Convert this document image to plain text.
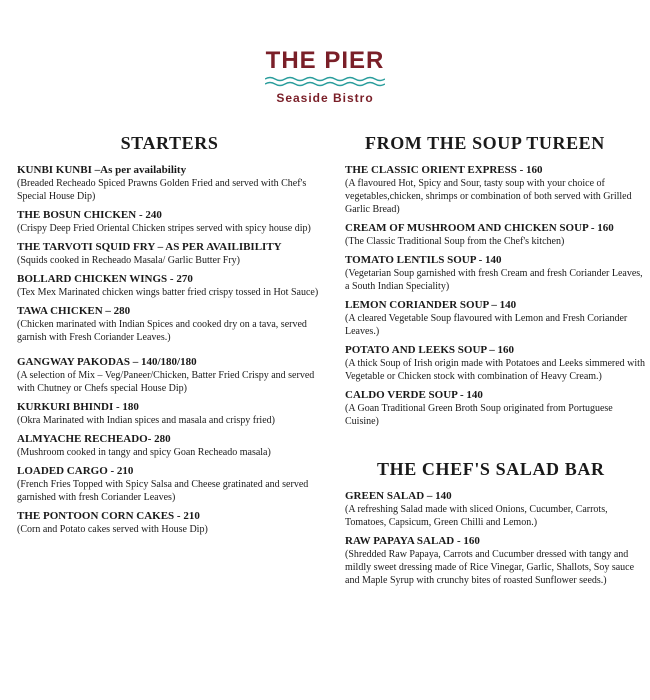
THE PIER
Seaside Bistro
STARTERS
KUNBI KUNBI –As per availability
(Breaded Recheado Spiced Prawns Golden Fried and served with Chef's Special House Dip)
THE BOSUN CHICKEN - 240
(Crispy Deep Fried Oriental Chicken stripes served with spicy house dip)
THE TARVOTI SQUID FRY – AS PER AVAILIBILITY
(Squids cooked in Recheado Masala/ Garlic Butter Fry)
BOLLARD CHICKEN WINGS - 270
(Tex Mex Marinated chicken wings batter fried crispy tossed in Hot Sauce)
TAWA CHICKEN – 280
(Chicken marinated with Indian Spices and cooked dry on a tava, served garnish with Fresh Coriander Leaves.)
GANGWAY PAKODAS – 140/180/180
(A selection of Mix – Veg/Paneer/Chicken, Batter Fried Crispy and served with Chutney or Chefs special House Dip)
KURKURI BHINDI - 180
(Okra Marinated with Indian spices and masala and crispy fried)
ALMYACHE RECHEADO- 280
(Mushroom cooked in tangy and spicy Goan Recheado masala)
LOADED CARGO - 210
(French Fries Topped with Spicy Salsa and Cheese gratinated and served garnished with fresh Coriander Leaves)
THE PONTOON CORN CAKES - 210
(Corn and Potato cakes served with House Dip)
FROM THE SOUP TUREEN
THE CLASSIC ORIENT EXPRESS - 160
(A flavoured Hot, Spicy and Sour, tasty soup with your choice of vegetables,chicken, shrimps or combination of both served with Grilled Garlic Bread)
CREAM OF MUSHROOM AND CHICKEN SOUP - 160
(The Classic Traditional Soup from the Chef's kitchen)
TOMATO LENTILS SOUP - 140
(Vegetarian Soup garnished with fresh Cream and fresh Coriander Leaves, a South Indian Speciality)
LEMON CORIANDER SOUP – 140
(A cleared Vegetable Soup flavoured with Lemon and Fresh Coriander Leaves.)
POTATO AND LEEKS SOUP – 160
(A thick Soup of Irish origin made with Potatoes and Leeks simmered with Vegetable or Chicken stock with combination of Heavy Cream.)
CALDO VERDE SOUP - 140
(A Goan Traditional Green Broth Soup originated from Portuguese Cuisine)
THE CHEF'S SALAD BAR
GREEN SALAD – 140
(A refreshing Salad made with sliced Onions, Cucumber, Carrots, Tomatoes, Capsicum, Green Chilli and Lemon.)
RAW PAPAYA SALAD - 160
(Shredded Raw Papaya, Carrots and Cucumber dressed with tangy and mildly sweet dressing made of Rice Vinegar, Garlic, Shallots, Soy sauce and Maple Syrup with crunchy bites of roasted Sunflower seeds.)
